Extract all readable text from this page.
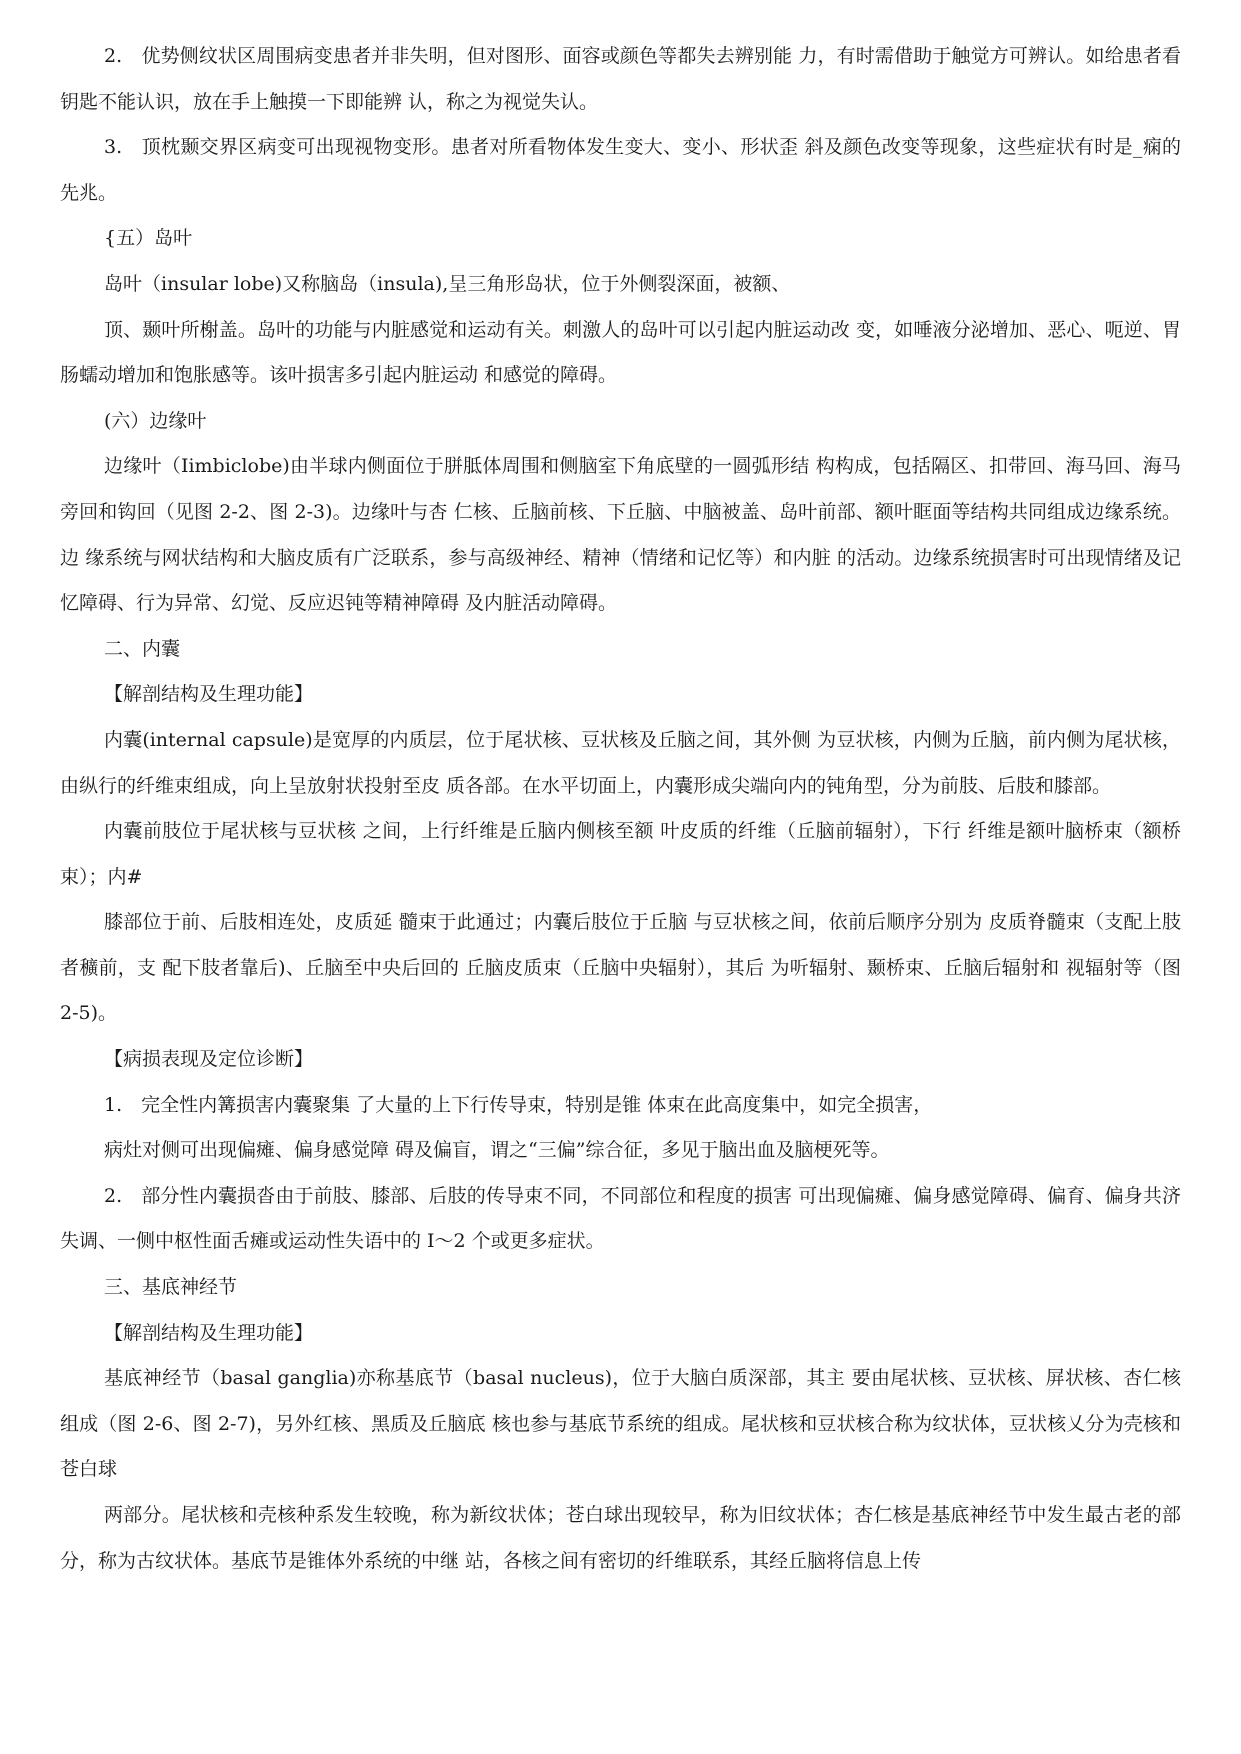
2.　优势侧纹状区周围病变患者并非失明，但对图形、面容或颜色等都失去辨别能 力，有时需借助于触觉方可辨认。如给患者看钥匙不能认识，放在手上触摸一下即能辨 认，称之为视觉失认。

3.　顶枕颞交界区病变可出现视物变形。患者对所看物体发生变大、变小、形状歪 斜及颜色改变等现象，这些症状有时是_痫的先兆。

{五）岛叶

岛叶（insular lobe)又称脑岛（insula),呈三角形岛状，位于外侧裂深面，被额、

顶、颞叶所榭盖。岛叶的功能与内脏感觉和运动有关。刺激人的岛叶可以引起内脏运动改 变，如唾液分泌增加、恶心、呃逆、胃肠蠕动增加和饱胀感等。该叶损害多引起内脏运动 和感觉的障碍。

(六）边缘叶

边缘叶（Iimbiclobe)由半球内侧面位于胼胝体周围和侧脑室下角底壁的一圆弧形结 构构成，包括隔区、扣带回、海马回、海马旁回和钩回（见图 2-2、图 2-3)。边缘叶与杏 仁核、丘脑前核、下丘脑、中脑被盖、岛叶前部、额叶眶面等结构共同组成边缘系统。边 缘系统与网状结构和大脑皮质有广泛联系，参与高级神经、精神（情绪和记忆等）和内脏 的活动。边缘系统损害时可出现情绪及记忆障碍、行为异常、幻觉、反应迟钝等精神障碍 及内脏活动障碍。

二、内囊

【解剖结构及生理功能】

内囊(internal capsule)是宽厚的内质层，位于尾状核、豆状核及丘脑之间，其外侧 为豆状核，内侧为丘脑，前内侧为尾状核，由纵行的纤维束组成，向上呈放射状投射至皮 质各部。在水平切面上，内囊形成尖端向内的钝角型，分为前肢、后肢和膝部。

内囊前肢位于尾状核与豆状核 之间，上行纤维是丘脑内侧核至额 叶皮质的纤维（丘脑前辐射），下行 纤维是额叶脑桥束（额桥束）；内#

膝部位于前、后肢相连处，皮质延 髓束于此通过；内囊后肢位于丘脑 与豆状核之间，依前后顺序分别为 皮质脊髓束（支配上肢者穬前，支 配下肢者靠后)、丘脑至中央后回的 丘脑皮质束（丘脑中央辐射），其后 为听辐射、颞桥束、丘脑后辐射和 视辐射等（图 2-5)。

【病损表现及定位诊断】

1.　完全性内篝损害内囊聚集 了大量的上下行传导束，特别是锥 体束在此高度集中，如完全损害，

病灶对侧可出现偏瘫、偏身感觉障 碍及偏盲，谓之“三偏”综合征，多见于脑出血及脑梗死等。

2.　部分性内囊损沓由于前肢、膝部、后肢的传导束不同，不同部位和程度的损害 可出现偏瘫、偏身感觉障碍、偏育、偏身共济失调、一侧中枢性面舌瘫或运动性失语中的 I～2 个或更多症状。

三、基底神经节

【解剖结构及生理功能】

基底神经节（basal ganglia)亦称基底节（basal nucleus)，位于大脑白质深部，其主 要由尾状核、豆状核、屏状核、杏仁核组成（图 2-6、图 2-7)，另外红核、黑质及丘脑底 核也参与基底节系统的组成。尾状核和豆状核合称为纹状体，豆状核乂分为壳核和苍白球

两部分。尾状核和壳核种系发生较晚，称为新纹状体；苍白球出现较早，称为旧纹状体；杏仁核是基底神经节中发生最古老的部分，称为古纹状体。基底节是锥体外系统的中继 站，各核之间有密切的纤维联系，其经丘脑将信息上传
